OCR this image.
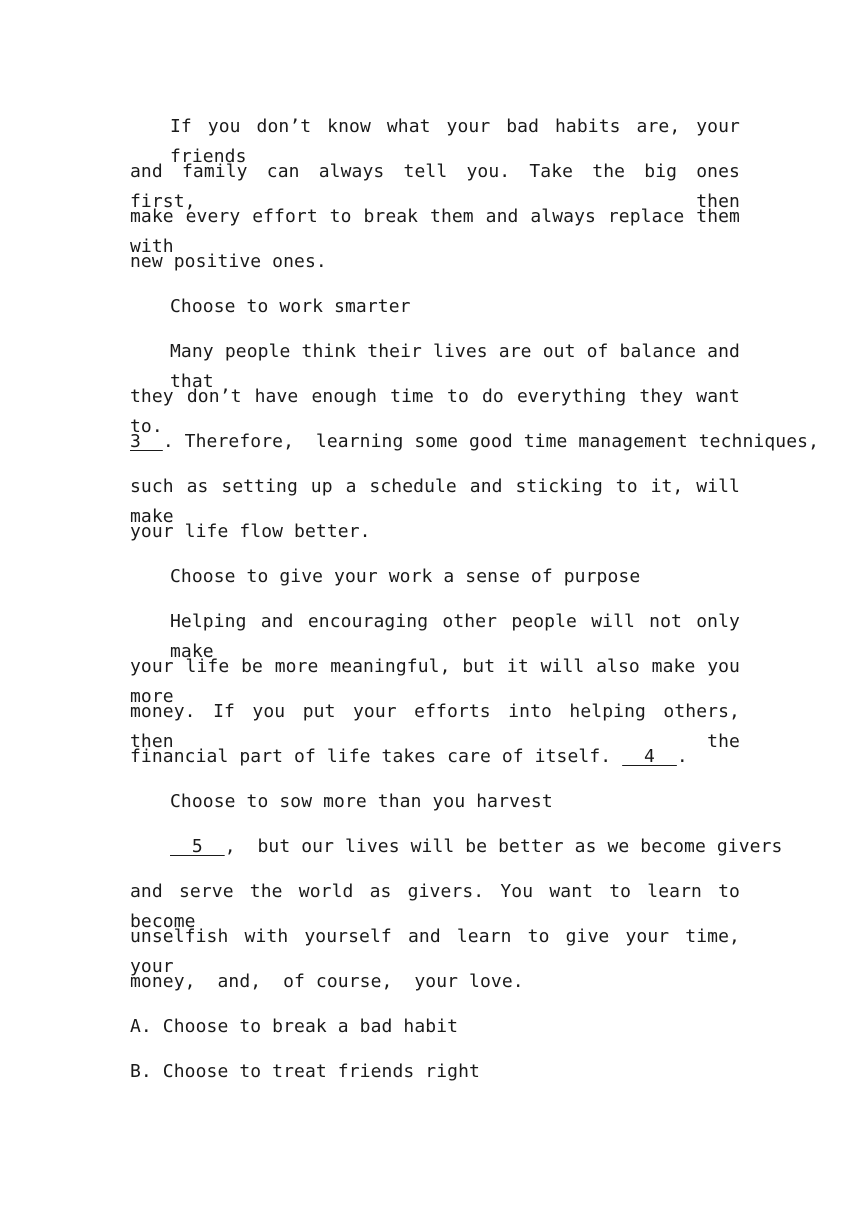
If you don’t know what your bad habits are, your friends
and family can always tell you. Take the big ones first, then
make every effort to break them and always replace them with
new positive ones.
Choose to work smarter
Many people think their lives are out of balance and that
they don’t have enough time to do everything they want to.
3  . Therefore,  learning some good time management techniques,
such as setting up a schedule and sticking to it, will make
your life flow better.
Choose to give your work a sense of purpose
Helping and encouraging other people will not only make
your life be more meaningful, but it will also make you more
money. If you put your efforts into helping others, then the
financial part of life takes care of itself.   4  .
Choose to sow more than you harvest
5  ,  but our lives will be better as we become givers
and serve the world as givers. You want to learn to become
unselfish with yourself and learn to give your time, your
money,  and,  of course,  your love.
A. Choose to break a bad habit
B. Choose to treat friends right
